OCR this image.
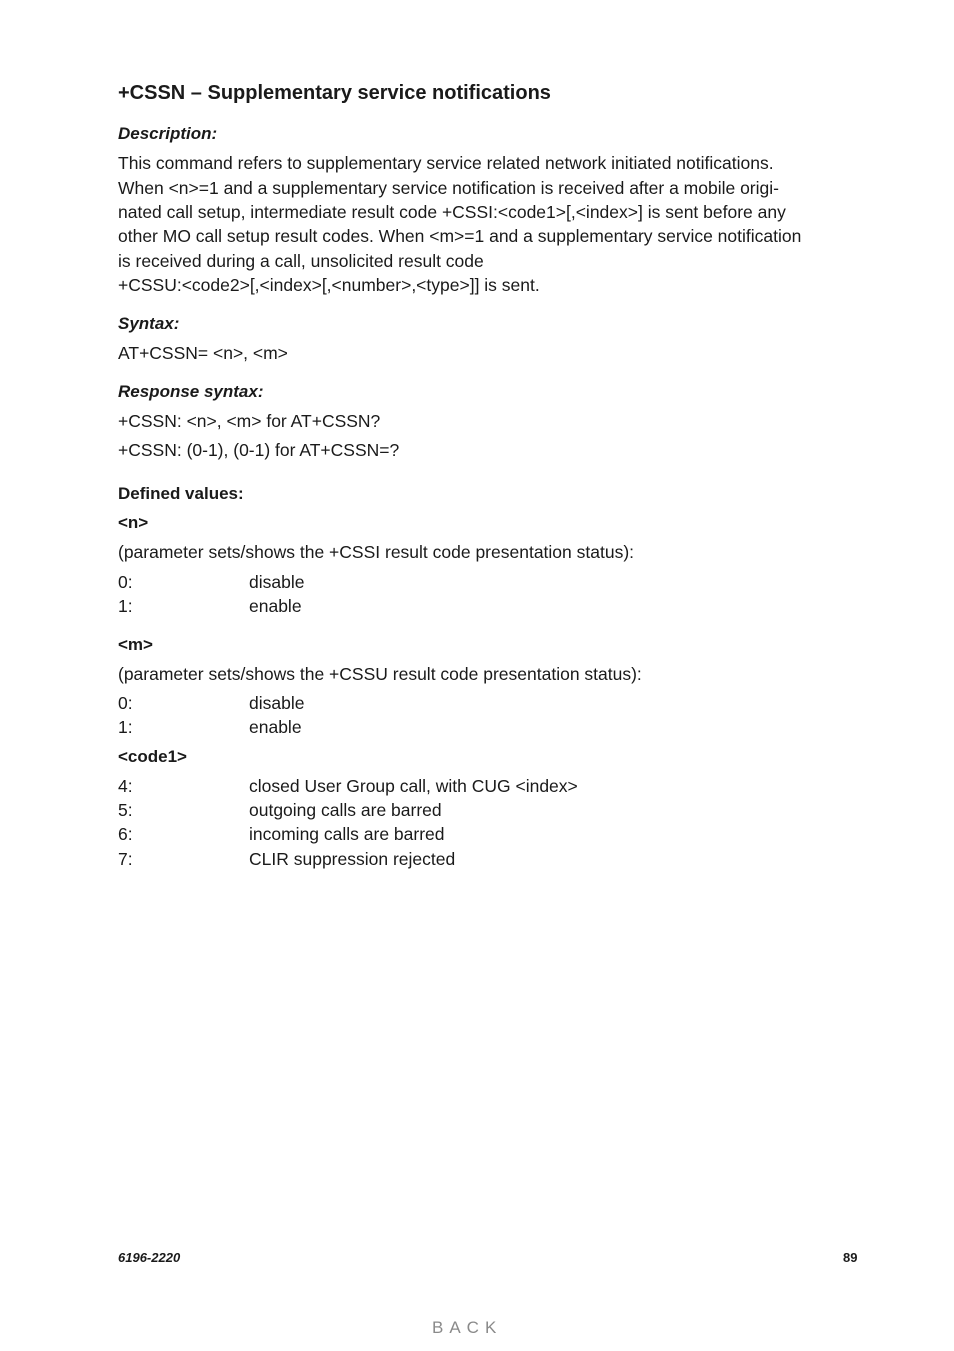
+CSSN – Supplementary service notifications
Description:
This command refers to supplementary service related network initiated notifications.
When <n>=1 and a supplementary service notification is received after a mobile origi-
nated call setup, intermediate result code +CSSI:<code1>[,<index>] is sent before any
other MO call setup result codes. When <m>=1 and a supplementary service notification
is received during a call, unsolicited result code
+CSSU:<code2>[,<index>[,<number>,<type>]] is sent.
Syntax:
AT+CSSN= <n>, <m>
Response syntax:
+CSSN: <n>, <m> for AT+CSSN?
+CSSN: (0-1), (0-1) for AT+CSSN=?
Defined values:
<n>
(parameter sets/shows the +CSSI result code presentation status):
0:	disable
1:	enable
<m>
(parameter sets/shows the +CSSU result code presentation status):
0:	disable
1:	enable
<code1>
4:	closed User Group call, with CUG <index>
5:	outgoing calls are barred
6:	incoming calls are barred
7:	CLIR suppression rejected
6196-2220	89
BACK
